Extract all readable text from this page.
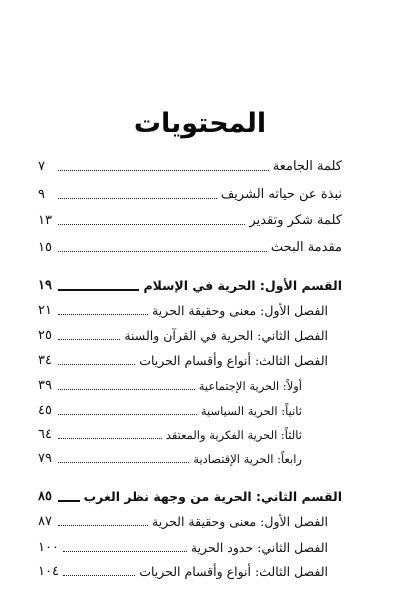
المحتويات
كلمة الجامعة
٧
نبذة عن حياته الشريف
٩
كلمة شكر وتقدير
١٣
مقدمة البحث
١٥
القسم الأول: الحرية في الإسلام
١٩
الفصل الأول: معنى وحقيقة الحرية
٢١
الفصل الثاني: الحرية في القرآن والسنة
٢٥
الفصل الثالث: أنواع وأقسام الحريات
٣٤
أولاً: الحرية الإجتماعية
٣٩
ثانياً: الحرية السياسية
٤٥
ثالثاً: الحرية الفكرية والمعتقد
٦٤
رابعاً: الحرية الإقتصادية
٧٩
القسم الثاني: الحرية من وجهة نظر الغرب
٨٥
الفصل الأول: معنى وحقيقة الحرية
٨٧
الفصل الثاني: حدود الحرية
١٠٠
الفصل الثالث: أنواع وأقسام الحريات
١٠٤
